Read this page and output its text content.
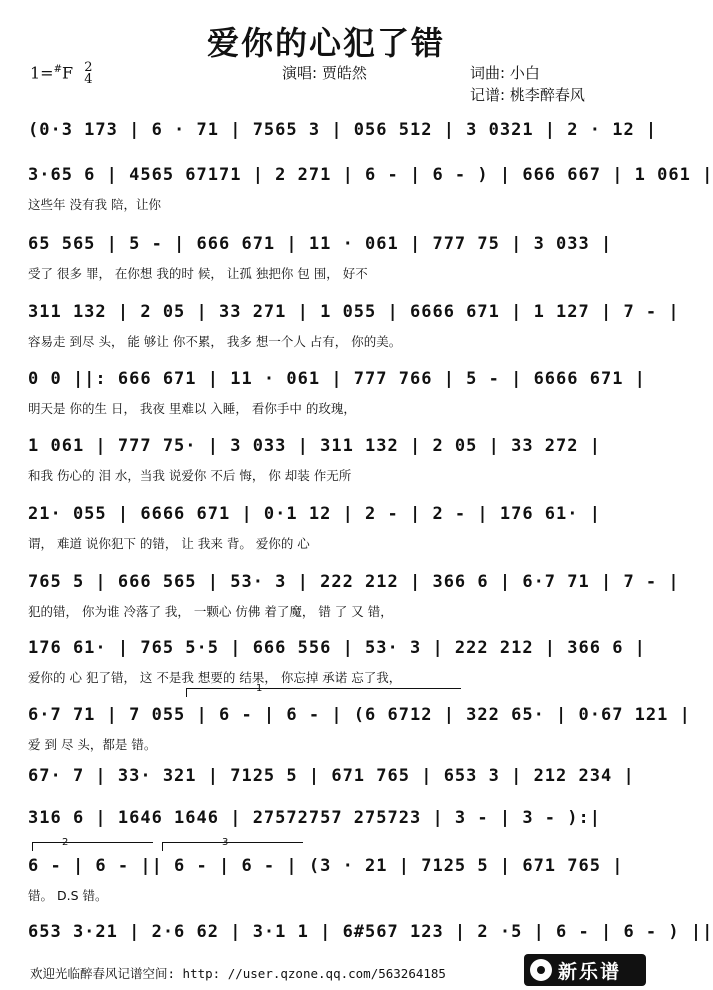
爱你的心犯了错
1=#F 2
4	演唱: 贾皓然	词曲: 小白
记谱: 桃李醉春风
(0·3 173 | 6 · 71 | 7565 3 | 056 512 | 3 0321 | 2 · 12 |
3·65 6 | 4565 67171 | 2 271 | 6 - | 6 - ) | 666 667 | 1 061 |
这些年 没有我 陪，让你
65 565 | 5 - | 666 671 | 11 · 061 | 777 75 | 3 033 |
受了 很多 罪， 在你想 我的时 候， 让孤 独把你 包 围， 好不
311 132 | 2 05 | 33 271 | 1 055 | 6666 671 | 1 127 | 7 - |
容易走 到尽 头， 能 够让 你不累， 我多 想一个人 占有， 你的美。
0 0 ||: 666 671 | 11 · 061 | 777 766 | 5 - | 6666 671 |
明天是 你的生 日， 我夜 里难以 入睡， 看你手中 的玫瑰，
1 061 | 777 75· | 3 033 | 311 132 | 2 05 | 33 272 |
和我 伤心的 泪 水，当我 说爱你 不后 悔， 你 却装 作无所
21· 055 | 6666 671 | 0·1 12 | 2 - | 2 - | 176 61· |
谓， 难道 说你犯下 的错， 让 我来 背。 爱你的 心
765 5 | 666 565 | 53· 3 | 222 212 | 366 6 | 6·7 71 | 7 - |
犯的错， 你为谁 冷落了 我， 一颗心 仿佛 着了魔， 错 了 又 错，
176 61· | 765 5·5 | 666 556 | 53· 3 | 222 212 | 366 6 |
爱你的 心 犯了错， 这 不是我 想要的 结果， 你忘掉 承诺 忘了我，
1
6·7 71 | 7 055 | 6 - | 6 - | (6 6712 | 322 65· | 0·67 121 |
爱 到 尽 头，都是 错。
67· 7 | 33· 321 | 7125 5 | 671 765 | 653 3 | 212 234 |
316 6 | 1646 1646 | 27572757 275723 | 3 - | 3 - ):|
2	3
6 - | 6 - || 6 - | 6 - | (3 · 21 | 7125 5 | 671 765 |
错。 D.S 错。
653 3·21 | 2·6 62 | 3·1 1 | 6#567 123 | 2 ·5 | 6 - | 6 - ) ||
欢迎光临醉春风记谱空间: http: //user.qzone.qq.com/563264185	新乐谱
